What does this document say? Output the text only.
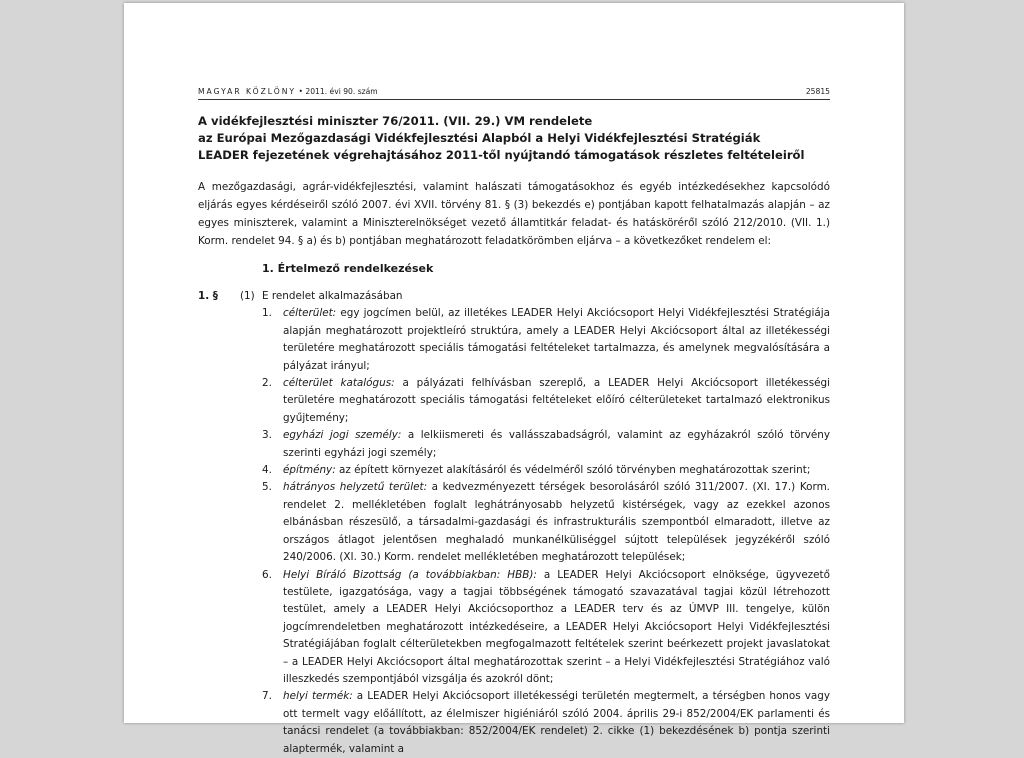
MAGYAR KÖZLÖNY • 2011. évi 90. szám	25815
A vidékfejlesztési miniszter 76/2011. (VII. 29.) VM rendelete
az Európai Mezőgazdasági Vidékfejlesztési Alapból a Helyi Vidékfejlesztési Stratégiák
LEADER fejezetének végrehajtásához 2011-től nyújtandó támogatások részletes feltételeiről

A mezőgazdasági, agrár-vidékfejlesztési, valamint halászati támogatásokhoz és egyéb intézkedésekhez kapcsolódó eljárás egyes kérdéseiről szóló 2007. évi XVII. törvény 81. § (3) bekezdés e) pontjában kapott felhatalmazás alapján – az egyes miniszterek, valamint a Miniszterelnökséget vezető államtitkár feladat- és hatásköréről szóló 212/2010. (VII. 1.) Korm. rendelet 94. § a) és b) pontjában meghatározott feladatkörömben eljárva – a következőket rendelem el:

1. Értelmező rendelkezések
1. § (1) E rendelet alkalmazásában
1. célterület: egy jogcímen belül, az illetékes LEADER Helyi Akciócsoport Helyi Vidékfejlesztési Stratégiája alapján meghatározott projektleíró struktúra, amely a LEADER Helyi Akciócsoport által az illetékességi területére meghatározott speciális támogatási feltételeket tartalmazza, és amelynek megvalósítására a pályázat irányul;
2. célterület katalógus: a pályázati felhívásban szereplő, a LEADER Helyi Akciócsoport illetékességi területére meghatározott speciális támogatási feltételeket előíró célterületeket tartalmazó elektronikus gyűjtemény;
3. egyházi jogi személy: a lelkiismereti és vallásszabadságról, valamint az egyházakról szóló törvény szerinti egyházi jogi személy;
4. építmény: az épített környezet alakításáról és védelméről szóló törvényben meghatározottak szerint;
5. hátrányos helyzetű terület: a kedvezményezett térségek besorolásáról szóló 311/2007. (XI. 17.) Korm. rendelet 2. mellékletében foglalt leghátrányosabb helyzetű kistérségek, vagy az ezekkel azonos elbánásban részesülő, a társadalmi-gazdasági és infrastrukturális szempontból elmaradott, illetve az országos átlagot jelentősen meghaladó munkanélküliséggel sújtott települések jegyzékéről szóló 240/2006. (XI. 30.) Korm. rendelet mellékletében meghatározott települések;
6. Helyi Bíráló Bizottság (a továbbiakban: HBB): a LEADER Helyi Akciócsoport elnöksége, ügyvezető testülete, igazgatósága, vagy a tagjai többségének támogató szavazatával tagjai közül létrehozott testület, amely a LEADER Helyi Akciócsoporthoz a LEADER terv és az ÚMVP III. tengelye, külön jogcímrendeletben meghatározott intézkedéseire, a LEADER Helyi Akciócsoport Helyi Vidékfejlesztési Stratégiájában foglalt célterületekben megfogalmazott feltételek szerint beérkezett projekt javaslatokat – a LEADER Helyi Akciócsoport által meghatározottak szerint – a Helyi Vidékfejlesztési Stratégiához való illeszkedés szempontjából vizsgálja és azokról dönt;
7. helyi termék: a LEADER Helyi Akciócsoport illetékességi területén megtermelt, a térségben honos vagy ott termelt vagy előállított, az élelmiszer higiéniáról szóló 2004. április 29-i 852/2004/EK parlamenti és tanácsi rendelet (a továbbiakban: 852/2004/EK rendelet) 2. cikke (1) bekezdésének b) pontja szerinti alaptermék, valamint a
